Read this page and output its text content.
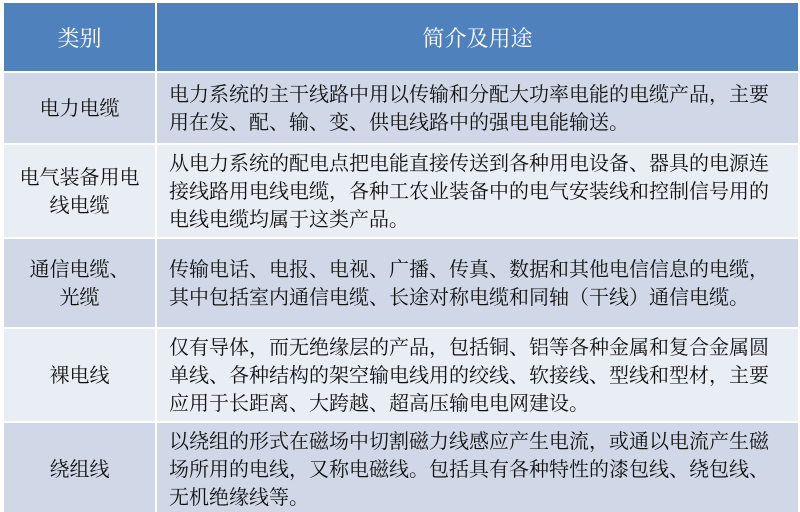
类别	简介及用途
电力电缆	电力系统的主干线路中用以传输和分配大功率电能的电缆产品，主要用在发、配、输、变、供电线路中的强电电能输送。
电气装备用电线电缆	从电力系统的配电点把电能直接传送到各种用电设备、器具的电源连接线路用电线电缆，各种工农业装备中的电气安装线和控制信号用的电线电缆均属于这类产品。
通信电缆、光缆	传输电话、电报、电视、广播、传真、数据和其他电信信息的电缆，其中包括室内通信电缆、长途对称电缆和同轴（干线）通信电缆。
裸电线	仅有导体，而无绝缘层的产品，包括铜、铝等各种金属和复合金属圆单线、各种结构的架空输电线用的绞线、软接线、型线和型材，主要应用于长距离、大跨越、超高压输电电网建设。
绕组线	以绕组的形式在磁场中切割磁力线感应产生电流，或通以电流产生磁场所用的电线，又称电磁线。包括具有各种特性的漆包线、绕包线、无机绝缘线等。
